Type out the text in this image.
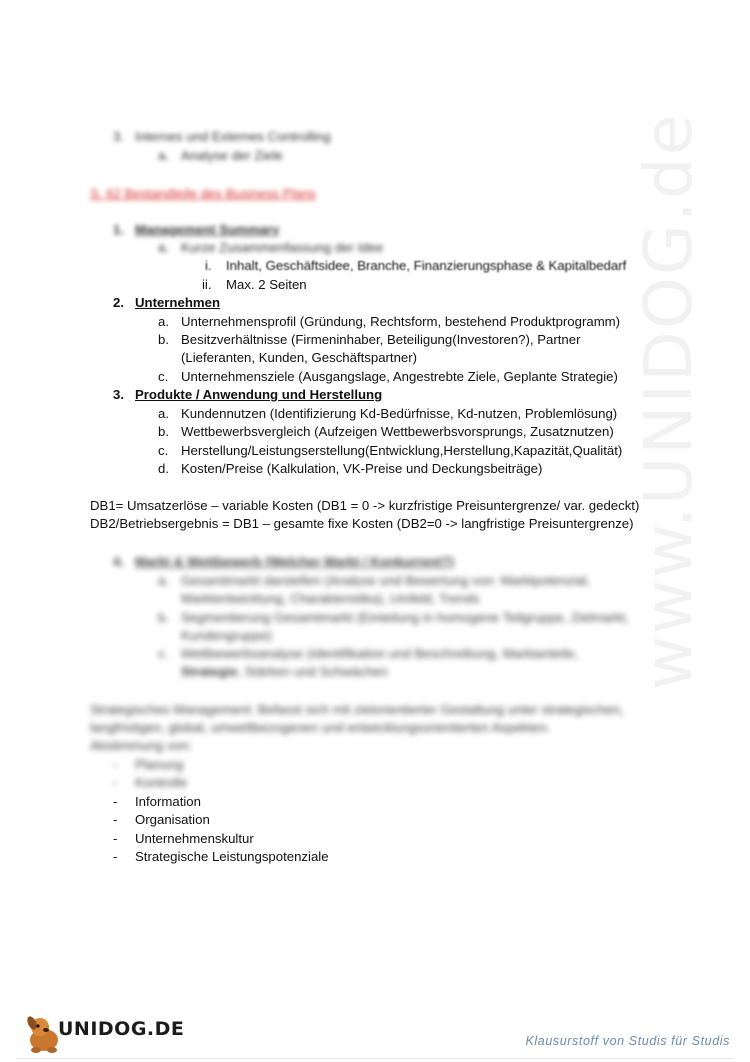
www.UNIDOG.de
3. Internes und Externes Controlling
a. Analyse der Ziele
S. 62 Bestandteile des Business Plans
1. Management Summary
a. Kurze Zusammenfassung der Idee
i. Inhalt, Geschäftsidee, Branche, Finanzierungsphase & Kapitalbedarf
ii. Max. 2 Seiten
2. Unternehmen
a. Unternehmensprofil (Gründung, Rechtsform, bestehend Produktprogramm)
b. Besitzverhältnisse (Firmeninhaber, Beteiligung(Investoren?), Partner
(Lieferanten, Kunden, Geschäftspartner)
c. Unternehmensziele (Ausgangslage, Angestrebte Ziele, Geplante Strategie)
3. Produkte / Anwendung und Herstellung
a. Kundennutzen (Identifizierung Kd-Bedürfnisse, Kd-nutzen, Problemlösung)
b. Wettbewerbsvergleich (Aufzeigen Wettbewerbsvorsprungs, Zusatznutzen)
c. Herstellung/Leistungserstellung(Entwicklung,Herstellung,Kapazität,Qualität)
d. Kosten/Preise (Kalkulation, VK-Preise und Deckungsbeiträge)
DB1= Umsatzerlöse – variable Kosten (DB1 = 0 -> kurzfristige Preisuntergrenze/ var. gedeckt)
DB2/Betriebsergebnis = DB1 – gesamte fixe Kosten (DB2=0 -> langfristige Preisuntergrenze)
4. Markt & Wettbewerb (Welcher Markt / Konkurrent?)
a. Gesamtmarkt darstellen (Analyse und Bewertung von: Marktpotenzial,
Marktentwicklung, Charakteristika), Umfeld, Trends
b. Segmentierung Gesamtmarkt (Einteilung in homogene Teilgruppe, Zielmarkt,
Kundengruppe)
c. Wettbewerbsanalyse (Identifikation und Beschreibung, Marktanteile,
Strategie, Stärken und Schwächen
Strategisches Management: Befasst sich mit zielorientierter Gestaltung unter strategischen,
langfristigen, global, umweltbezogenen und entwicklungsorientierten Aspekten.
Abstimmung von:
- Planung
- Kontrolle
- Information
- Organisation
- Unternehmenskultur
- Strategische Leistungspotenziale
UNIDOG.DE
Klausurstoff von Studis für Studis
